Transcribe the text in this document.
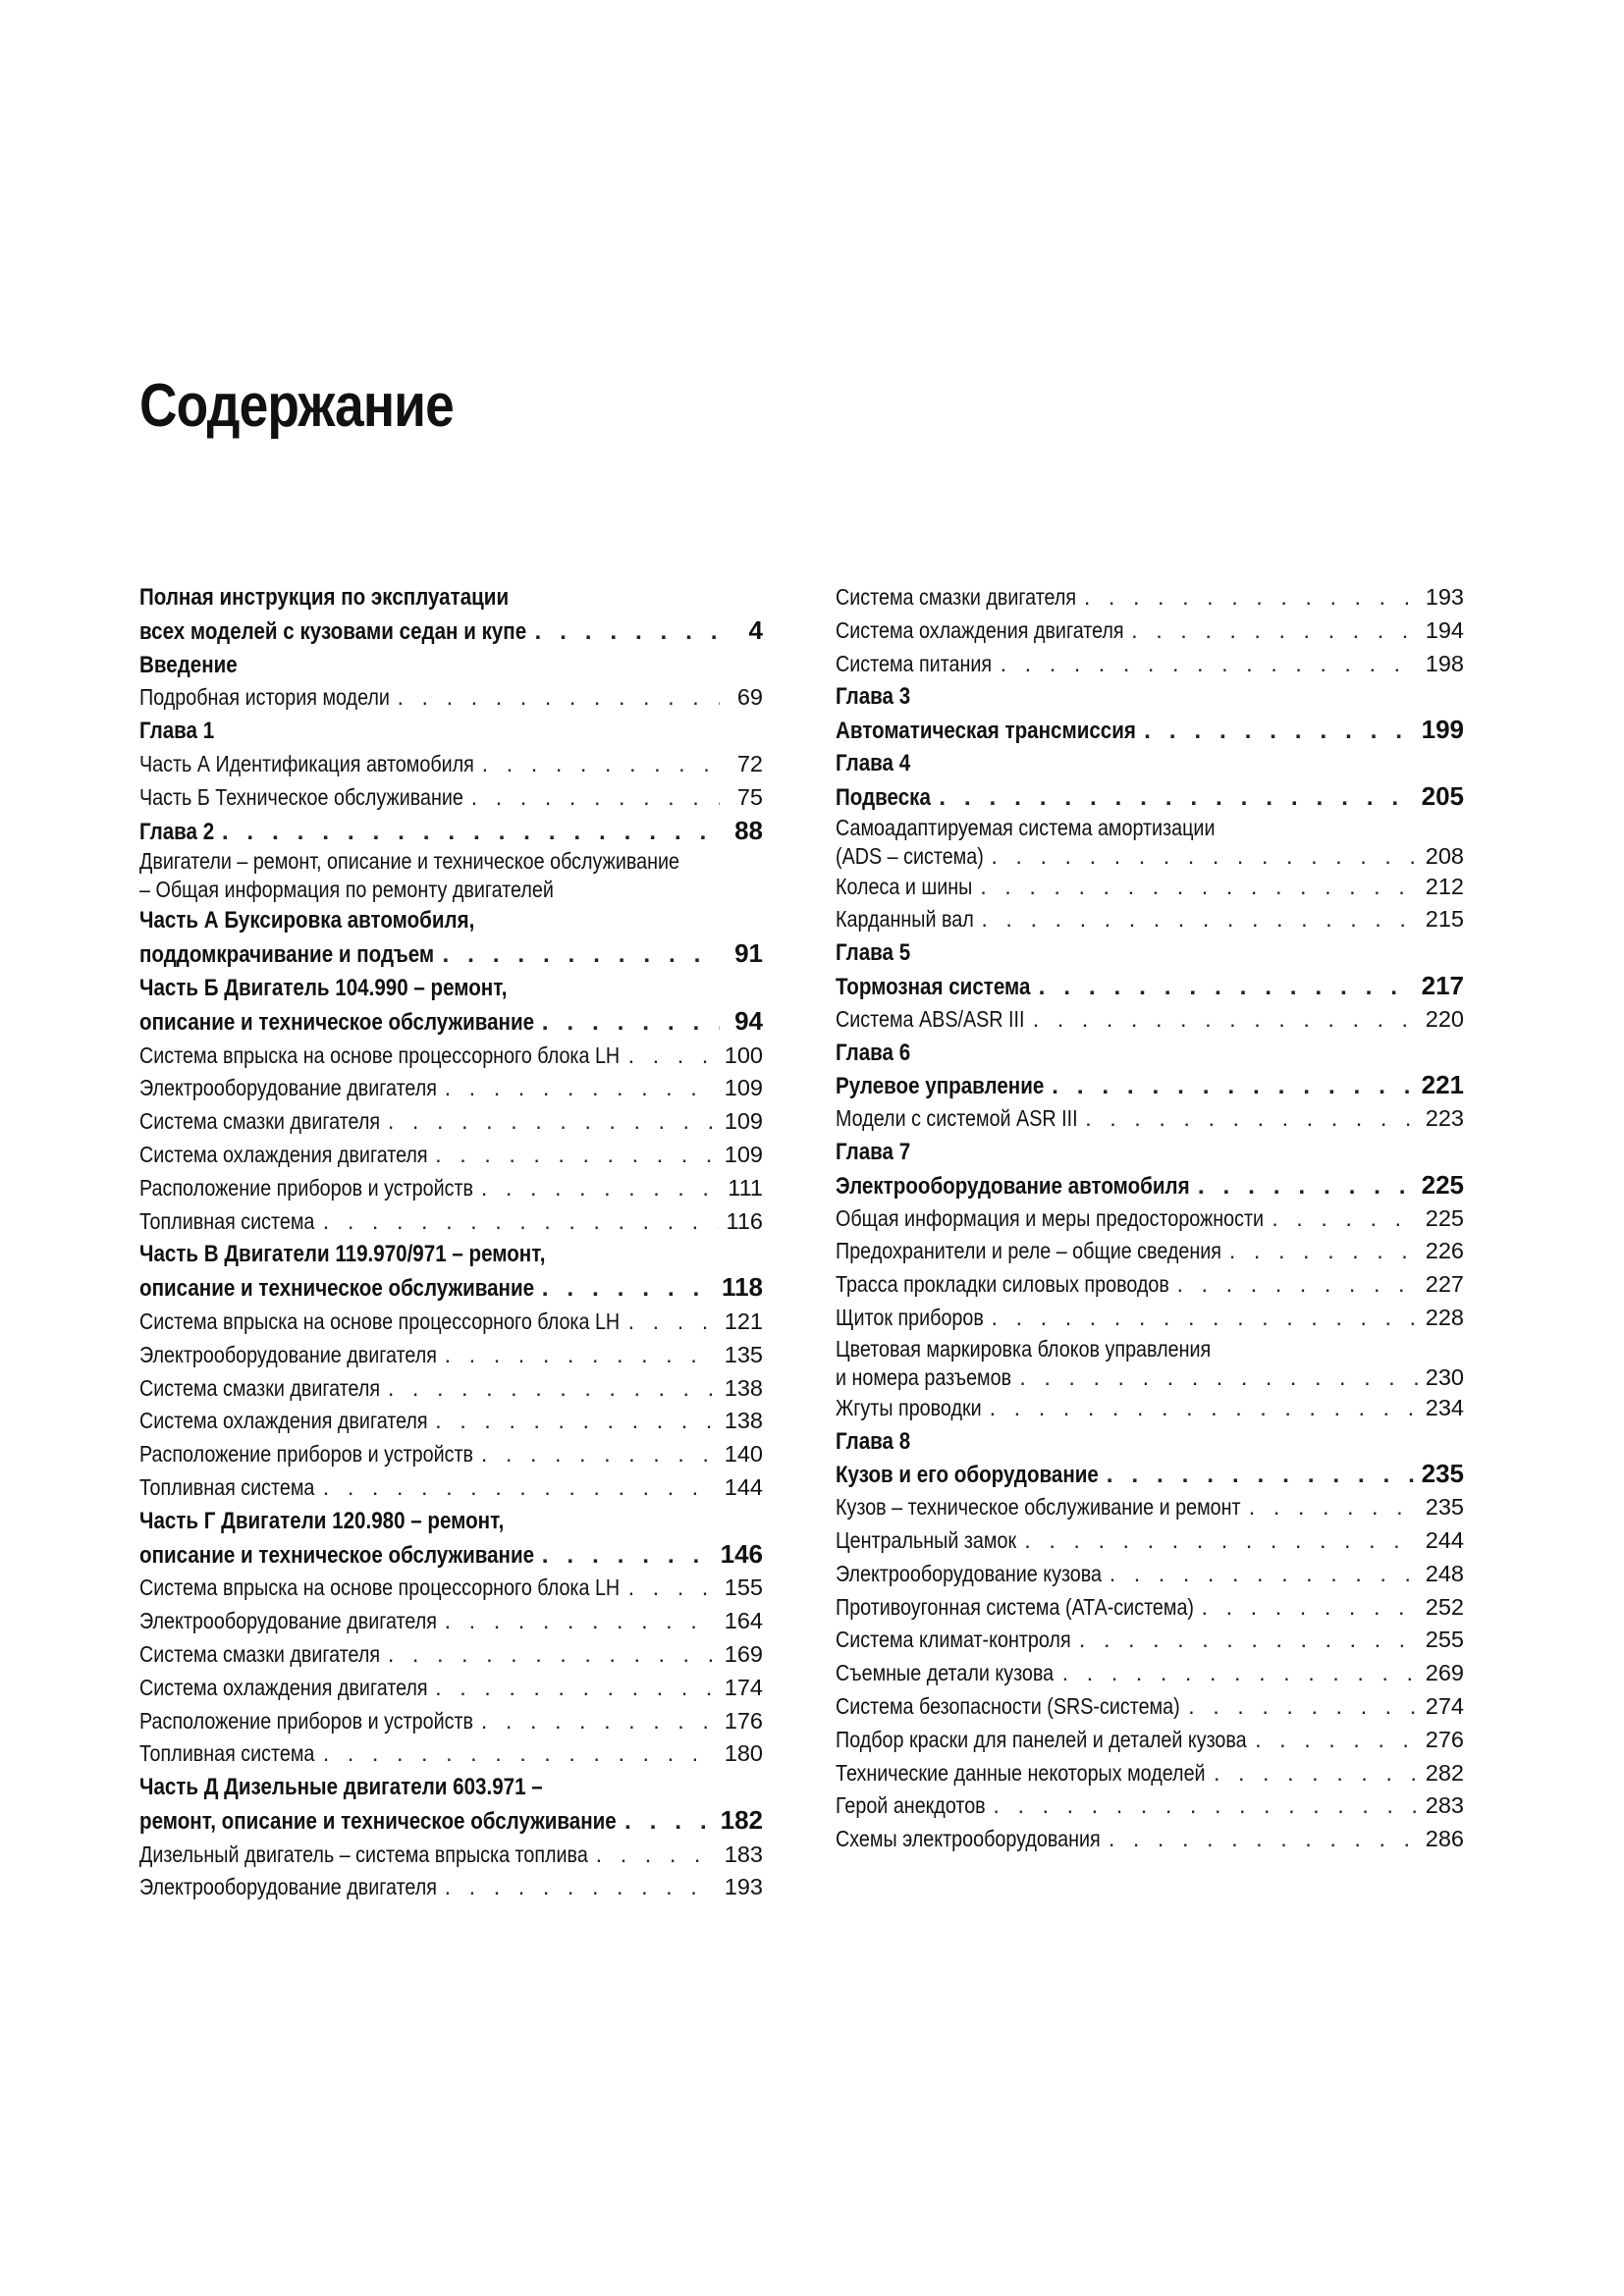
Содержание
Полная инструкция по эксплуатации
всех моделей с кузовами седан и купе . . .	4
Введение
Подробная история модели . . .	69
Глава 1
Часть А Идентификация автомобиля . . .	72
Часть Б Техническое обслуживание . . .	75
Глава 2 . . .	88
Двигатели – ремонт, описание и техническое обслуживание
– Общая информация по ремонту двигателей
Часть А Буксировка автомобиля,
поддомкрачивание и подъем . . .	91
Часть Б Двигатель 104.990 – ремонт,
описание и техническое обслуживание . . .	94
Система впрыска на основе процессорного блока LH . . .	100
Электрооборудование двигателя . . .	109
Система смазки двигателя . . .	109
Система охлаждения двигателя . . .	109
Расположение приборов и устройств . . .	111
Топливная система . . .	116
Часть В Двигатели 119.970/971 – ремонт,
описание и техническое обслуживание . . .	118
Система впрыска на основе процессорного блока LH . . .	121
Электрооборудование двигателя . . .	135
Система смазки двигателя . . .	138
Система охлаждения двигателя . . .	138
Расположение приборов и устройств . . .	140
Топливная система . . .	144
Часть Г Двигатели 120.980 – ремонт,
описание и техническое обслуживание . . .	146
Система впрыска на основе процессорного блока LH . . .	155
Электрооборудование двигателя . . .	164
Система смазки двигателя . . .	169
Система охлаждения двигателя . . .	174
Расположение приборов и устройств . . .	176
Топливная система . . .	180
Часть Д Дизельные двигатели 603.971 –
ремонт, описание и техническое обслуживание . . .	182
Дизельный двигатель – система впрыска топлива . . .	183
Электрооборудование двигателя . . .	193
Система смазки двигателя . . .	193
Система охлаждения двигателя . . .	194
Система питания . . .	198
Глава 3
Автоматическая трансмиссия . . .	199
Глава 4
Подвеска . . .	205
Самоадаптируемая система амортизации
(ADS – система) . . .	208
Колеса и шины . . .	212
Карданный вал . . .	215
Глава 5
Тормозная система . . .	217
Система ABS/ASR III . . .	220
Глава 6
Рулевое управление . . .	221
Модели с системой ASR III . . .	223
Глава 7
Электрооборудование автомобиля . . .	225
Общая информация и меры предосторожности . . .	225
Предохранители и реле – общие сведения . . .	226
Трасса прокладки силовых проводов . . .	227
Щиток приборов . . .	228
Цветовая маркировка блоков управления
и номера разъемов . . .	230
Жгуты проводки . . .	234
Глава 8
Кузов и его оборудование . . .	235
Кузов – техническое обслуживание и ремонт . . .	235
Центральный замок . . .	244
Электрооборудование кузова . . .	248
Противоугонная система (АТА-система) . . .	252
Система климат-контроля . . .	255
Съемные детали кузова . . .	269
Система безопасности (SRS-система) . . .	274
Подбор краски для панелей и деталей кузова . . .	276
Технические данные некоторых моделей . . .	282
Герой анекдотов . . .	283
Схемы электрооборудования . . .	286
